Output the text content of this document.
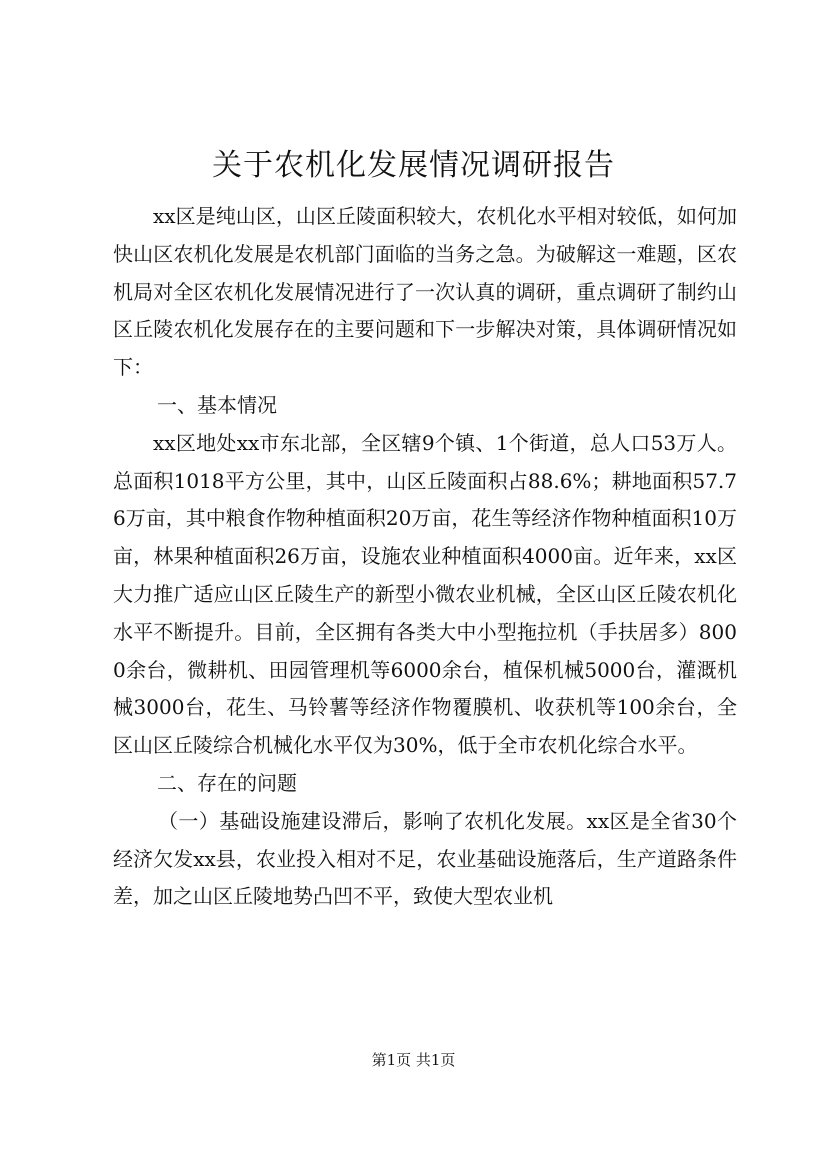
关于农机化发展情况调研报告

xx区是纯山区，山区丘陵面积较大，农机化水平相对较低，如何加快山区农机化发展是农机部门面临的当务之急。为破解这一难题，区农机局对全区农机化发展情况进行了一次认真的调研，重点调研了制约山区丘陵农机化发展存在的主要问题和下一步解决对策，具体调研情况如下：

一、基本情况

xx区地处xx市东北部，全区辖9个镇、1个街道，总人口53万人。总面积1018平方公里，其中，山区丘陵面积占88.6%；耕地面积57.76万亩，其中粮食作物种植面积20万亩，花生等经济作物种植面积10万亩，林果种植面积26万亩，设施农业种植面积4000亩。近年来，xx区大力推广适应山区丘陵生产的新型小微农业机械，全区山区丘陵农机化水平不断提升。目前，全区拥有各类大中小型拖拉机（手扶居多）8000余台，微耕机、田园管理机等6000余台，植保机械5000台，灌溉机械3000台，花生、马铃薯等经济作物覆膜机、收获机等100余台，全区山区丘陵综合机械化水平仅为30%，低于全市农机化综合水平。

二、存在的问题

（一）基础设施建设滞后，影响了农机化发展。xx区是全省30个经济欠发xx县，农业投入相对不足，农业基础设施落后，生产道路条件差，加之山区丘陵地势凸凹不平，致使大型农业机

第1页 共1页
